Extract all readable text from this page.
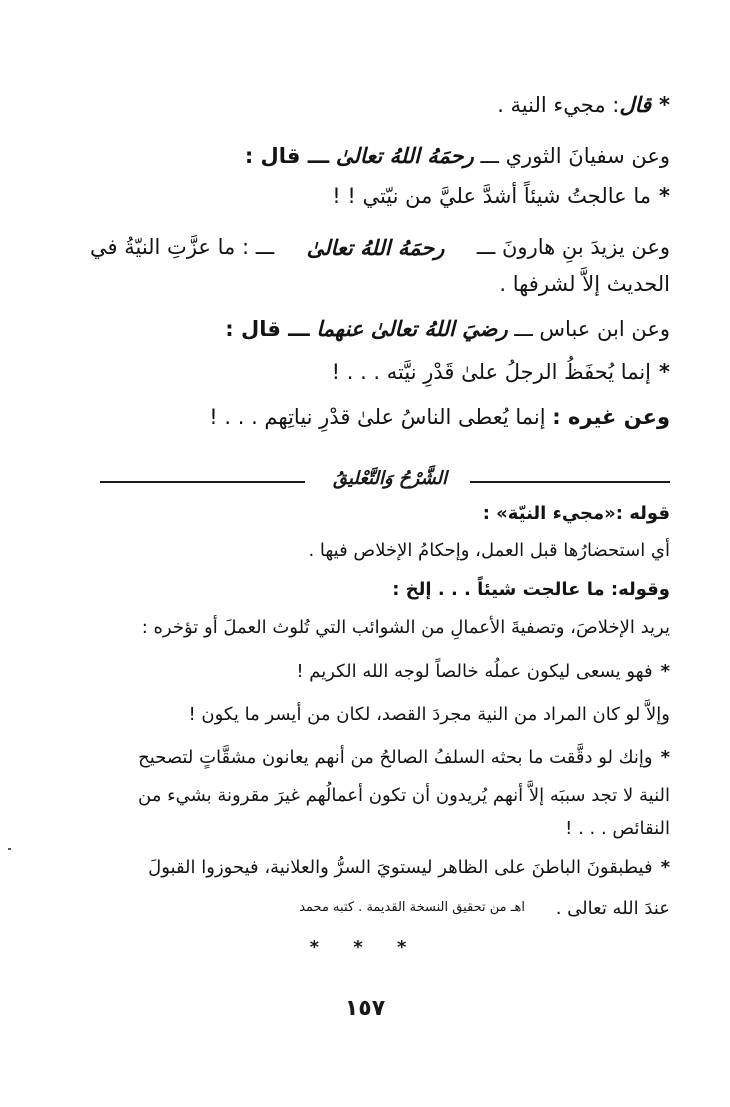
*قال: مجيء النية .
وعن سفيانَ الثوري ـــ رحمَهُ اللهُ تعالىٰ ـــ قال :
*ما عالجتُ شيئاً أشدَّ عليَّ من نيّتي ! !
وعن يزيدَ بنِ هارونَ ـــ
رحمَهُ اللهُ تعالىٰ
ـــ : ما عزَّتِ النيّةُ في
الحديث إلاَّ لشرفها .
وعن ابن عباس ـــ رضيَ اللهُ تعالىٰ عنهما ـــ قال :
*إنما يُحفَظُ الرجلُ علىٰ قَدْرِ نيَّته . . . !
وعن غيره : إنما يُعطى الناسُ علىٰ قدْرِ نياتِهم . . . !
الشَّرْحُ وَالتَّعْليقُ
قوله :«مجيء النيّة» :
أي استحضارُها قبل العمل، وإحكامُ الإخلاص فيها .
وقوله: ما عالجت شيئاً . . . إلخ :
يريد الإخلاصَ، وتصفيةَ الأعمالِ من الشوائب التي تُلوث العملَ أو تؤخره :
*فهو يسعى ليكون عملُه خالصاً لوجه الله الكريم !
وإلاَّ لو كان المراد من النية مجردَ القصد، لكان من أيسر ما يكون !
*وإنك لو دقَّقت ما بحثه السلفُ الصالحُ من أنهم يعانون مشقَّاتٍ لتصحيح
النية لا تجد سببَه إلاَّ أنهم يُريدون أن تكون أعمالُهم غيرَ مقرونة بشيء من
النقائص . . . !
*فيطبقونَ الباطنَ على الظاهر ليستويَ السرُّ والعلانية، فيحوزوا القبولَ
عندَ الله تعالى .
اهـ من تحقيق النسخة القديمة . كتبه محمد
* * *
١٥٧
